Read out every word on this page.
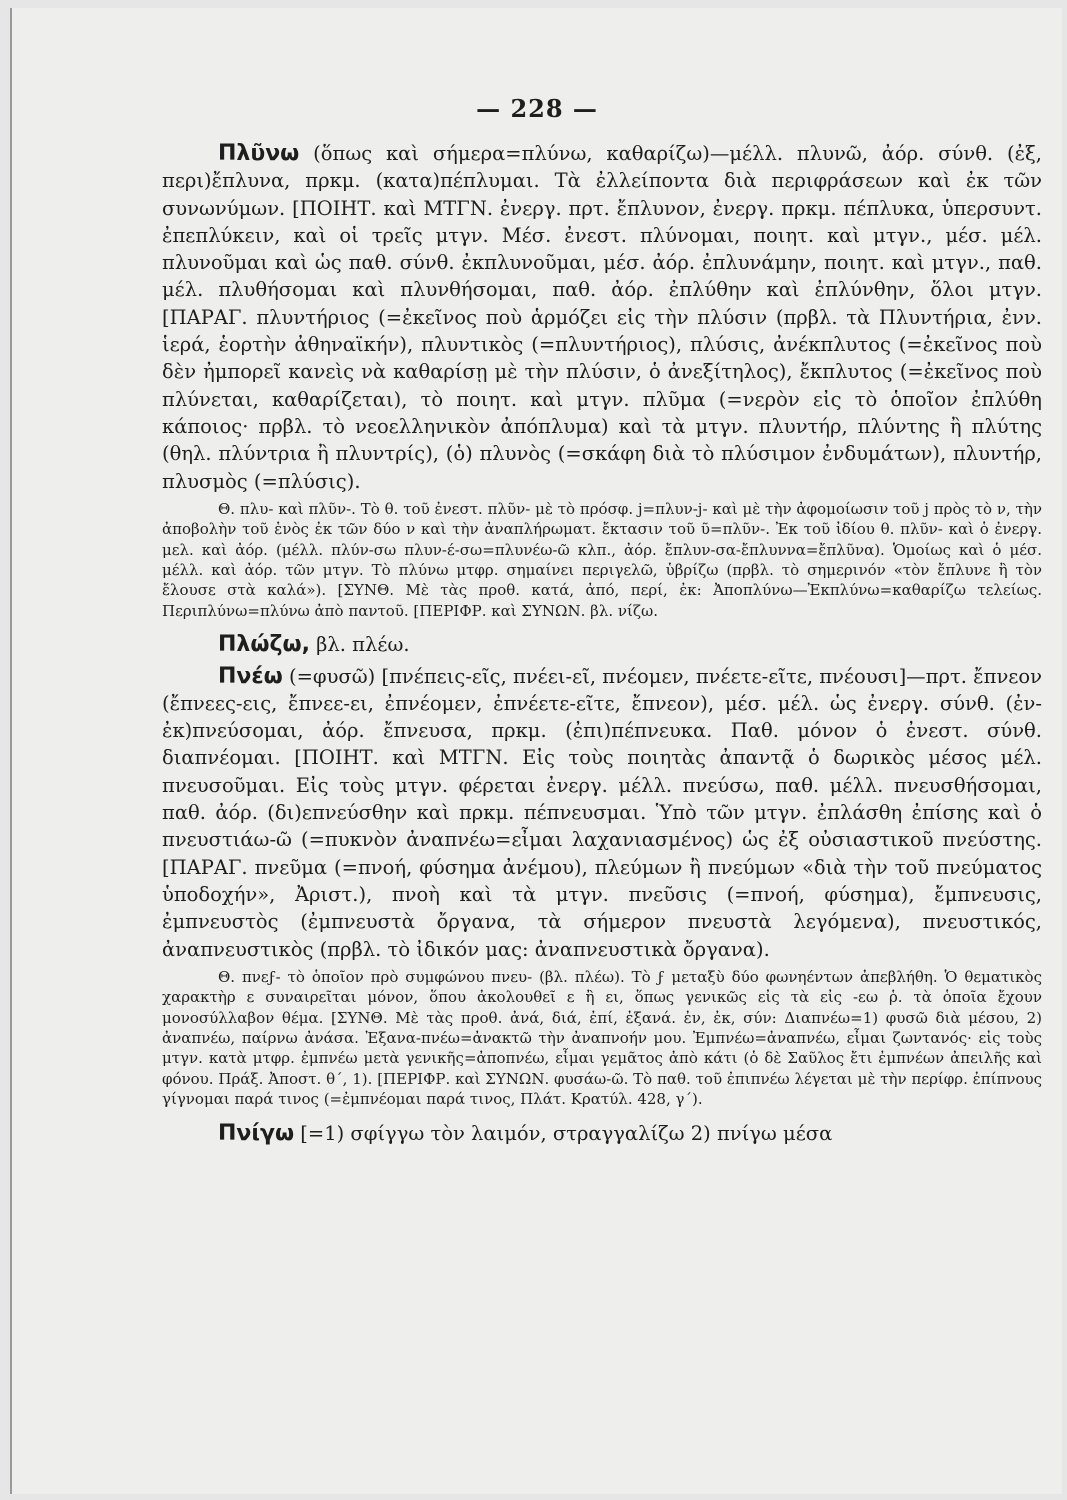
— 228 —

Πλῦνω (ὅπως καὶ σήμερα=πλύνω, καθαρίζω)—μέλλ. πλυνῶ, ἀόρ. σύνθ. (ἐξ, περι)ἔπλυνα, πρκμ. (κατα)πέπλυμαι. Τὰ ἐλλείποντα διὰ περιφράσεων καὶ ἐκ τῶν συνωνύμων. [ΠΟΙΗΤ. καὶ ΜΤΓΝ. ἐνεργ. πρτ. ἔπλυνον, ἐνεργ. πρκμ. πέπλυκα, ὑπερσυντ. ἐπεπλύκειν, καὶ οἱ τρεῖς μτγν. Μέσ. ἐνεστ. πλύνομαι, ποιητ. καὶ μτγν., μέσ. μέλ. πλυνοῦμαι καὶ ὡς παθ. σύνθ. ἐκπλυνοῦμαι, μέσ. ἀόρ. ἐπλυνάμην, ποιητ. καὶ μτγν., παθ. μέλ. πλυθήσομαι καὶ πλυνθήσομαι, παθ. ἀόρ. ἐπλύθην καὶ ἐπλύνθην, ὅλοι μτγν. [ΠΑΡΑΓ. πλυντήριος (=ἐκεῖνος ποὺ ἁρμόζει εἰς τὴν πλύσιν (πρβλ. τὰ Πλυντήρια, ἐνν. ἱερά, ἑορτὴν ἀθηναϊκήν), πλυντικὸς (=πλυντήριος), πλύσις, ἀνέκπλυτος (=ἐκεῖνος ποὺ δὲν ἠμπορεῖ κανεὶς νὰ καθαρίσῃ μὲ τὴν πλύσιν, ὁ ἀνεξίτηλος), ἔκπλυτος (=ἐκεῖνος ποὺ πλύνεται, καθαρίζεται), τὸ ποιητ. καὶ μτγν. πλῦμα (=νερὸν εἰς τὸ ὁποῖον ἐπλύθη κάποιος· πρβλ. τὸ νεοελληνικὸν ἀπόπλυμα) καὶ τὰ μτγν. πλυντήρ, πλύντης ἢ πλύτης (θηλ. πλύντρια ἢ πλυντρίς), (ὁ) πλυνὸς (=σκάφη διὰ τὸ πλύσιμον ἐνδυμάτων), πλυντήρ, πλυσμὸς (=πλύσις).

Θ. πλυ- καὶ πλῦν-. Τὸ θ. τοῦ ἐνεστ. πλῦν- μὲ τὸ πρόσφ. j=πλυν-j- καὶ μὲ τὴν ἀφομοίωσιν τοῦ j πρὸς τὸ ν, τὴν ἀποβολὴν τοῦ ἑνὸς ἐκ τῶν δύο ν καὶ τὴν ἀναπλήρωματ. ἔκτασιν τοῦ ῦ=πλῦν-. Ἐκ τοῦ ἰδίου θ. πλῦν- καὶ ὁ ἐνεργ. μελ. καὶ ἀόρ. (μέλλ. πλύν-σω πλυν-έ-σω=πλυνέω-ῶ κλπ., ἀόρ. ἔπλυν-σα-ἔπλυννα=ἔπλῦνα). Ὁμοίως καὶ ὁ μέσ. μέλλ. καὶ ἀόρ. τῶν μτγν. Τὸ πλύνω μτφρ. σημαίνει περιγελῶ, ὑβρίζω (πρβλ. τὸ σημερινόν «τὸν ἔπλυνε ἢ τὸν ἔλουσε στὰ καλά»). [ΣΥΝΘ. Μὲ τὰς προθ. κατά, ἀπό, περί, ἐκ: Ἀποπλύνω—Ἐκπλύνω=καθαρίζω τελείως. Περιπλύνω=πλύνω ἀπὸ παντοῦ. [ΠΕΡΙΦΡ. καὶ ΣΥΝΩΝ. βλ. νίζω.

Πλώζω, βλ. πλέω.

Πνέω (=φυσῶ) [πνέπεις-εῖς, πνέει-εῖ, πνέομεν, πνέετε-εῖτε, πνέουσι]—πρτ. ἔπνεον (ἔπνεες-εις, ἔπνεε-ει, ἐπνέομεν, ἐπνέετε-εῖτε, ἔπνεον), μέσ. μέλ. ὡς ἐνεργ. σύνθ. (ἐν-ἐκ)πνεύσομαι, ἀόρ. ἔπνευσα, πρκμ. (ἐπι)πέπνευκα. Παθ. μόνον ὁ ἐνεστ. σύνθ. διαπνέομαι. [ΠΟΙΗΤ. καὶ ΜΤΓΝ. Εἰς τοὺς ποιητὰς ἀπαντᾷ ὁ δωρικὸς μέσος μέλ. πνευσοῦμαι. Εἰς τοὺς μτγν. φέρεται ἐνεργ. μέλλ. πνεύσω, παθ. μέλλ. πνευσθήσομαι, παθ. ἀόρ. (δι)επνεύσθην καὶ πρκμ. πέπνευσμαι. Ὑπὸ τῶν μτγν. ἐπλάσθη ἐπίσης καὶ ὁ πνευστιάω-ῶ (=πυκνὸν ἀναπνέω=εἶμαι λαχανιασμένος) ὡς ἐξ οὐσιαστικοῦ πνεύστης. [ΠΑΡΑΓ. πνεῦμα (=πνοή, φύσημα ἀνέμου), πλεύμων ἢ πνεύμων «διὰ τὴν τοῦ πνεύματος ὑποδοχήν», Ἀριστ.), πνοὴ καὶ τὰ μτγν. πνεῦσις (=πνοή, φύσημα), ἔμπνευσις, ἐμπνευστὸς (ἐμπνευστὰ ὄργανα, τὰ σήμερον πνευστὰ λεγόμενα), πνευστικός, ἀναπνευστικὸς (πρβλ. τὸ ἰδικόν μας: ἀναπνευστικὰ ὄργανα).

Θ. πνεϝ- τὸ ὁποῖον πρὸ συμφώνου πνευ- (βλ. πλέω). Τὸ ϝ μεταξὺ δύο φωνηέντων ἀπεβλήθη. Ὁ θεματικὸς χαρακτὴρ ε συναιρεῖται μόνον, ὅπου ἀκολουθεῖ ε ἢ ει, ὅπως γενικῶς εἰς τὰ εἰς -εω ῥ. τὰ ὁποῖα ἔχουν μονοσύλλαβον θέμα. [ΣΥΝΘ. Μὲ τὰς προθ. ἀνά, διά, ἐπί, ἐξανά. ἐν, ἐκ, σύν: Διαπνέω=1) φυσῶ διὰ μέσου, 2) ἀναπνέω, παίρνω ἀνάσα. Ἐξανα-πνέω=ἀνακτῶ τὴν ἀναπνοήν μου. Ἐμπνέω=ἀναπνέω, εἶμαι ζωντανός· εἰς τοὺς μτγν. κατὰ μτφρ. ἐμπνέω μετὰ γενικῆς=ἀποπνέω, εἶμαι γεμᾶτος ἀπὸ κάτι (ὁ δὲ Σαῦλος ἔτι ἐμπνέων ἀπειλῆς καὶ φόνου. Πράξ. Ἀποστ. θ΄, 1). [ΠΕΡΙΦΡ. καὶ ΣΥΝΩΝ. φυσάω-ῶ. Τὸ παθ. τοῦ ἐπιπνέω λέγεται μὲ τὴν περίφρ. ἐπίπνους γίγνομαι παρά τινος (=ἐμπνέομαι παρά τινος, Πλάτ. Κρατύλ. 428, γ΄).

Πνίγω [=1) σφίγγω τὸν λαιμόν, στραγγαλίζω 2) πνίγω μέσα
